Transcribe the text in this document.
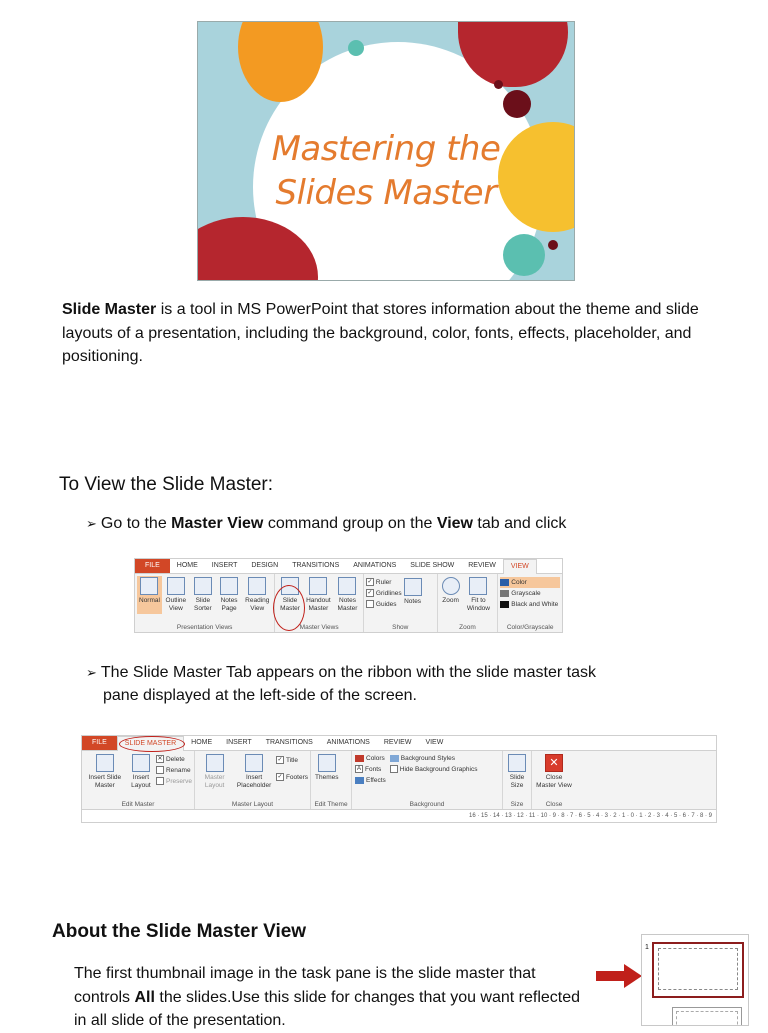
Mastering the
Slides Master
Slide Master is a tool in MS PowerPoint that stores information about the theme and slide layouts of a presentation, including the background, color, fonts, effects, placeholder, and positioning.
To View the Slide Master:
➢ Go to the Master View command group on the View tab and click
FILE	HOME	INSERT	DESIGN	TRANSITIONS	ANIMATIONS	SLIDE SHOW	REVIEW	VIEW
Normal Outline View
Slide Sorter
Notes Page
Reading View
Presentation Views
Slide Master
Handout Master
Notes Master
Master Views
✓ Ruler
✓ Gridlines
Guides	Notes
Show
Zoom	Fit to Window
Zoom
Color
Grayscale
Black and White
Color/Grayscale
➢ The Slide Master Tab appears on the ribbon with the slide master task
pane displayed at the left-side of the screen.
FILE	SLIDE MASTER	HOME	INSERT	TRANSITIONS	ANIMATIONS	REVIEW	VIEW
Insert Slide Master
Insert Layout
✕ Delete
Rename
Preserve
Edit Master
Master Layout
Insert Placeholder
✓ Title
✓ Footers
Master Layout
Themes
Edit Theme
Colors
A Fonts
Effects
Background Styles
Hide Background Graphics
Background
Slide Size
Size
✕
Close Master View
Close
16 · 15 · 14 · 13 · 12 · 11 · 10 · 9 · 8 · 7 · 6 · 5 · 4 · 3 · 2 · 1 · 0 · 1 · 2 · 3 · 4 · 5 · 6 · 7 · 8 · 9
About the Slide Master View
The first thumbnail image in the task pane is the slide master that controls All the slides.Use this slide for changes that you want reflected in all slide of the presentation.
1
